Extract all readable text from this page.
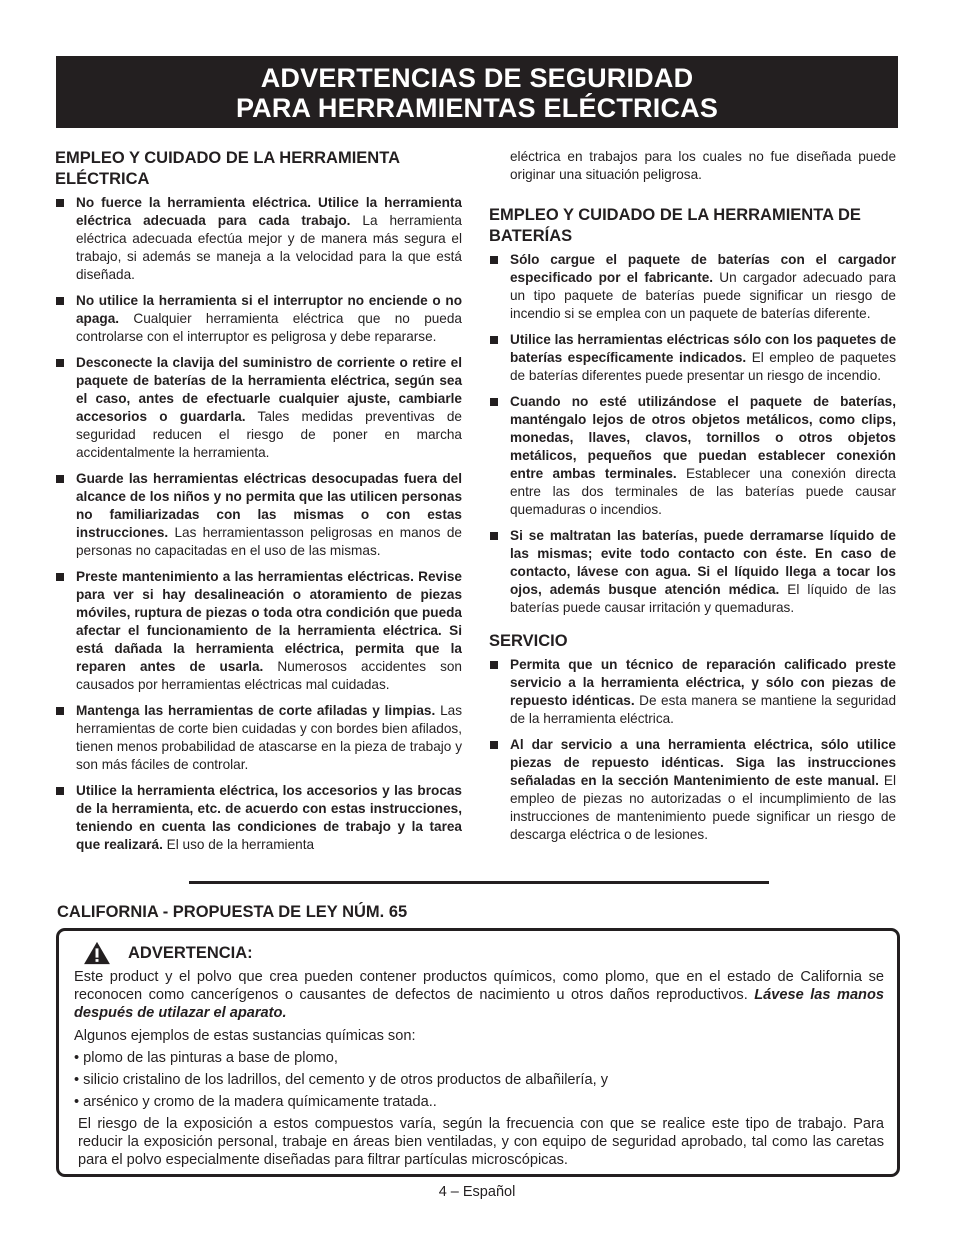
ADVERTENCIAS DE SEGURIDAD
PARA HERRAMIENTAS ELÉCTRICAS
EMPLEO Y CUIDADO DE LA HERRAMIENTA ELÉCTRICA
No fuerce la herramienta eléctrica. Utilice la herramienta eléctrica adecuada para cada trabajo. La herramienta eléctrica adecuada efectúa mejor y de manera más segura el trabajo, si además se maneja a la velocidad para la que está diseñada.
No utilice la herramienta si el interruptor no enciende o no apaga. Cualquier herramienta eléctrica que no pueda controlarse con el interruptor es peligrosa y debe repararse.
Desconecte la clavija del suministro de corriente o retire el paquete de baterías de la herramienta eléctrica, según sea el caso, antes de efectuarle cualquier ajuste, cambiarle accesorios o guardarla. Tales medidas preventivas de seguridad reducen el riesgo de poner en marcha accidentalmente la herramienta.
Guarde las herramientas eléctricas desocupadas fuera del alcance de los niños y no permita que las utilicen personas no familiarizadas con las mismas o con estas instrucciones. Las herramientasson peligrosas en manos de personas no capacitadas en el uso de las mismas.
Preste mantenimiento a las herramientas eléctricas. Revise para ver si hay desalineación o atoramiento de piezas móviles, ruptura de piezas o toda otra condición que pueda afectar el funcionamiento de la herramienta eléctrica. Si está dañada la herramienta eléctrica, permita que la reparen antes de usarla. Numerosos accidentes son causados por herramientas eléctricas mal cuidadas.
Mantenga las herramientas de corte afiladas y limpias. Las herramientas de corte bien cuidadas y con bordes bien afilados, tienen menos probabilidad de atascarse en la pieza de trabajo y son más fáciles de controlar.
Utilice la herramienta eléctrica, los accesorios y las brocas de la herramienta, etc. de acuerdo con estas instrucciones, teniendo en cuenta las condiciones de trabajo y la tarea que realizará. El uso de la herramienta

eléctrica en trabajos para los cuales no fue diseñada puede originar una situación peligrosa.

EMPLEO Y CUIDADO DE LA HERRAMIENTA DE BATERÍAS
Sólo cargue el paquete de baterías con el cargador especificado por el fabricante. Un cargador adecuado para un tipo paquete de baterías puede significar un riesgo de incendio si se emplea con un paquete de baterías diferente.
Utilice las herramientas eléctricas sólo con los paquetes de baterías específicamente indicados. El empleo de paquetes de baterías diferentes puede presentar un riesgo de incendio.
Cuando no esté utilizándose el paquete de baterías, manténgalo lejos de otros objetos metálicos, como clips, monedas, llaves, clavos, tornillos o otros objetos metálicos, pequeños que puedan establecer conexión entre ambas terminales. Establecer una conexión directa entre las dos terminales de las baterías puede causar quemaduras o incendios.
Si se maltratan las baterías, puede derramarse líquido de las mismas; evite todo contacto con éste. En caso de contacto, lávese con agua. Si el líquido llega a tocar los ojos, además busque atención médica. El líquido de las baterías puede causar irritación y quemaduras.
SERVICIO
Permita que un técnico de reparación calificado preste servicio a la herramienta eléctrica, y sólo con piezas de repuesto idénticas. De esta manera se mantiene la seguridad de la herramienta eléctrica.
Al dar servicio a una herramienta eléctrica, sólo utilice piezas de repuesto idénticas. Siga las instrucciones señaladas en la sección Mantenimiento de este manual. El empleo de piezas no autorizadas o el incumplimiento de las instrucciones de mantenimiento puede significar un riesgo de descarga eléctrica o de lesiones.
CALIFORNIA - PROPUESTA DE LEY NÚM. 65
ADVERTENCIA:

Este product y el polvo que crea pueden contener productos químicos, como plomo, que en el estado de California se reconocen como cancerígenos o causantes de defectos de nacimiento u otros daños reproductivos. Lávese las manos después de utilazar el aparato.

Algunos ejemplos de estas sustancias químicas son:

• plomo de las pinturas a base de plomo,

• silicio cristalino de los ladrillos, del cemento y de otros productos de albañilería, y

• arsénico y cromo de la madera químicamente tratada..

El riesgo de la exposición a estos compuestos varía, según la frecuencia con que se realice este tipo de trabajo. Para reducir la exposición personal, trabaje en áreas bien ventiladas, y con equipo de seguridad aprobado, tal como las caretas para el polvo especialmente diseñadas para filtrar partículas microscópicas.

4 – Español
